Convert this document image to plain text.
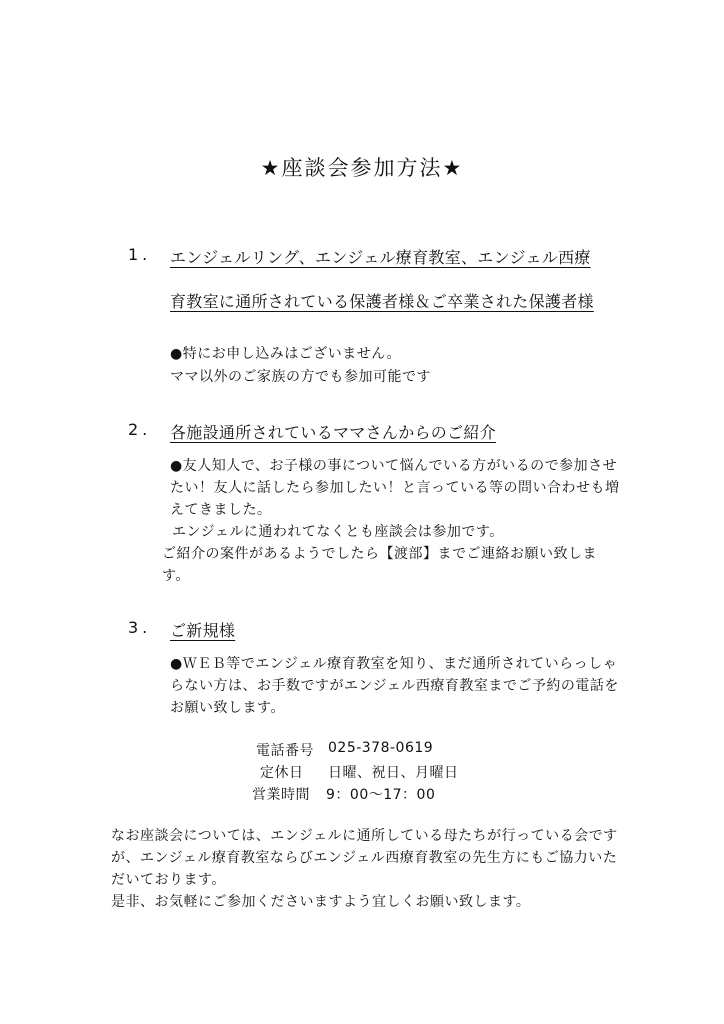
★座談会参加方法★
1. エンジェルリング、エンジェル療育教室、エンジェル西療
育教室に通所されている保護者様＆ご卒業された保護者様
●特にお申し込みはございません。
ママ以外のご家族の方でも参加可能です
2. 各施設通所されているママさんからのご紹介
●友人知人で、お子様の事について悩んでいる方がいるので参加させ
たい！友人に話したら参加したい！と言っている等の問い合わせも増
えてきました。
エンジェルに通われてなくとも座談会は参加です。
ご紹介の案件があるようでしたら【渡部】までご連絡お願い致しま
す。
3. ご新規様
●ＷＥＢ等でエンジェル療育教室を知り、まだ通所されていらっしゃ
らない方は、お手数ですがエンジェル西療育教室までご予約の電話を
お願い致します。
電話番号 025-378-0619
定休日 日曜、祝日、月曜日
営業時間 9：00～17：00
なお座談会については、エンジェルに通所している母たちが行っている会です
が、エンジェル療育教室ならびエンジェル西療育教室の先生方にもご協力いた
だいております。
是非、お気軽にご参加くださいますよう宜しくお願い致します。
